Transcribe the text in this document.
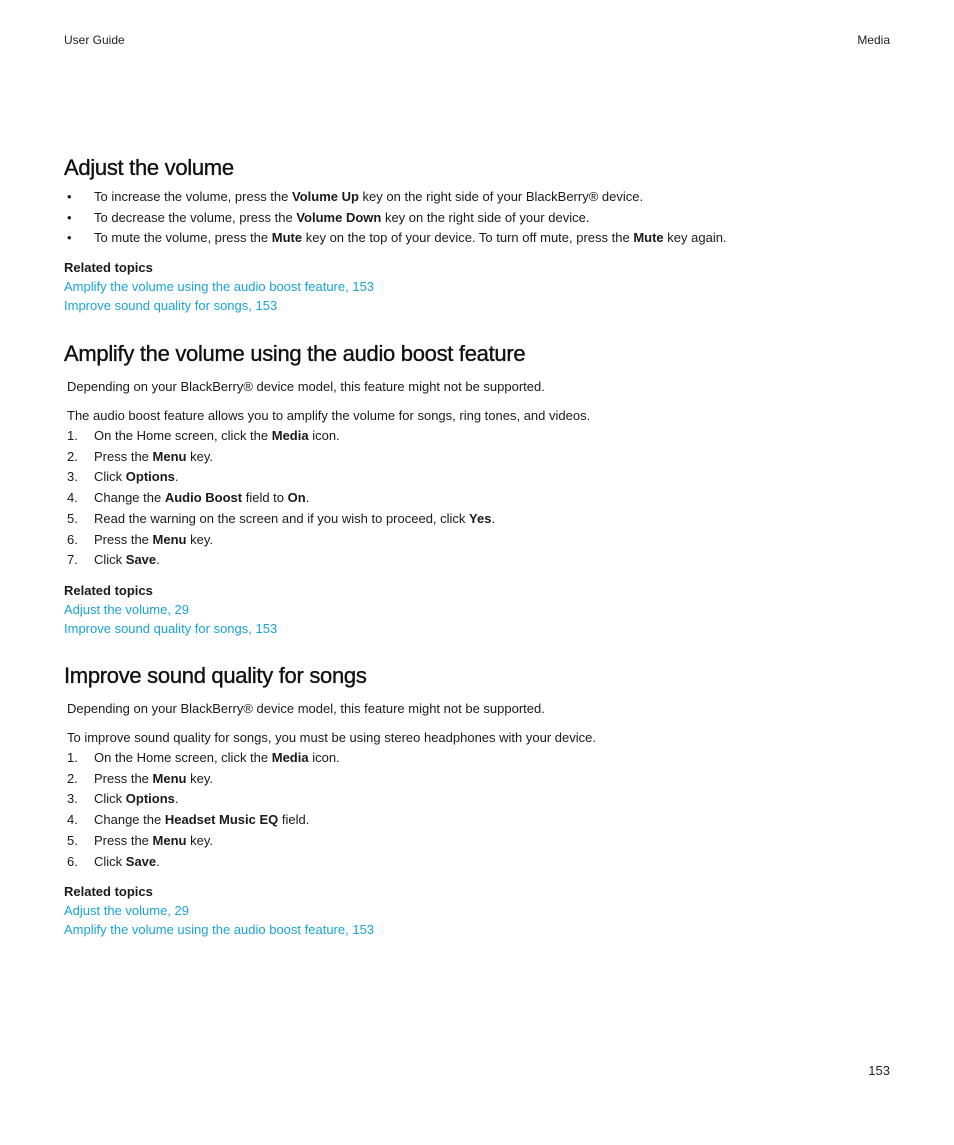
User Guide	Media
Adjust the volume
• To increase the volume, press the Volume Up key on the right side of your BlackBerry® device.
• To decrease the volume, press the Volume Down key on the right side of your device.
• To mute the volume, press the Mute key on the top of your device. To turn off mute, press the Mute key again.

Related topics

Amplify the volume using the audio boost feature, 153
Improve sound quality for songs, 153
Amplify the volume using the audio boost feature

Depending on your BlackBerry® device model, this feature might not be supported.

The audio boost feature allows you to amplify the volume for songs, ring tones, and videos.

1. On the Home screen, click the Media icon.
2. Press the Menu key.
3. Click Options.
4. Change the Audio Boost field to On.
5. Read the warning on the screen and if you wish to proceed, click Yes.
6. Press the Menu key.
7. Click Save.

Related topics

Adjust the volume, 29
Improve sound quality for songs, 153
Improve sound quality for songs

Depending on your BlackBerry® device model, this feature might not be supported.

To improve sound quality for songs, you must be using stereo headphones with your device.

1. On the Home screen, click the Media icon.
2. Press the Menu key.
3. Click Options.
4. Change the Headset Music EQ field.
5. Press the Menu key.
6. Click Save.

Related topics

Adjust the volume, 29
Amplify the volume using the audio boost feature, 153
153
